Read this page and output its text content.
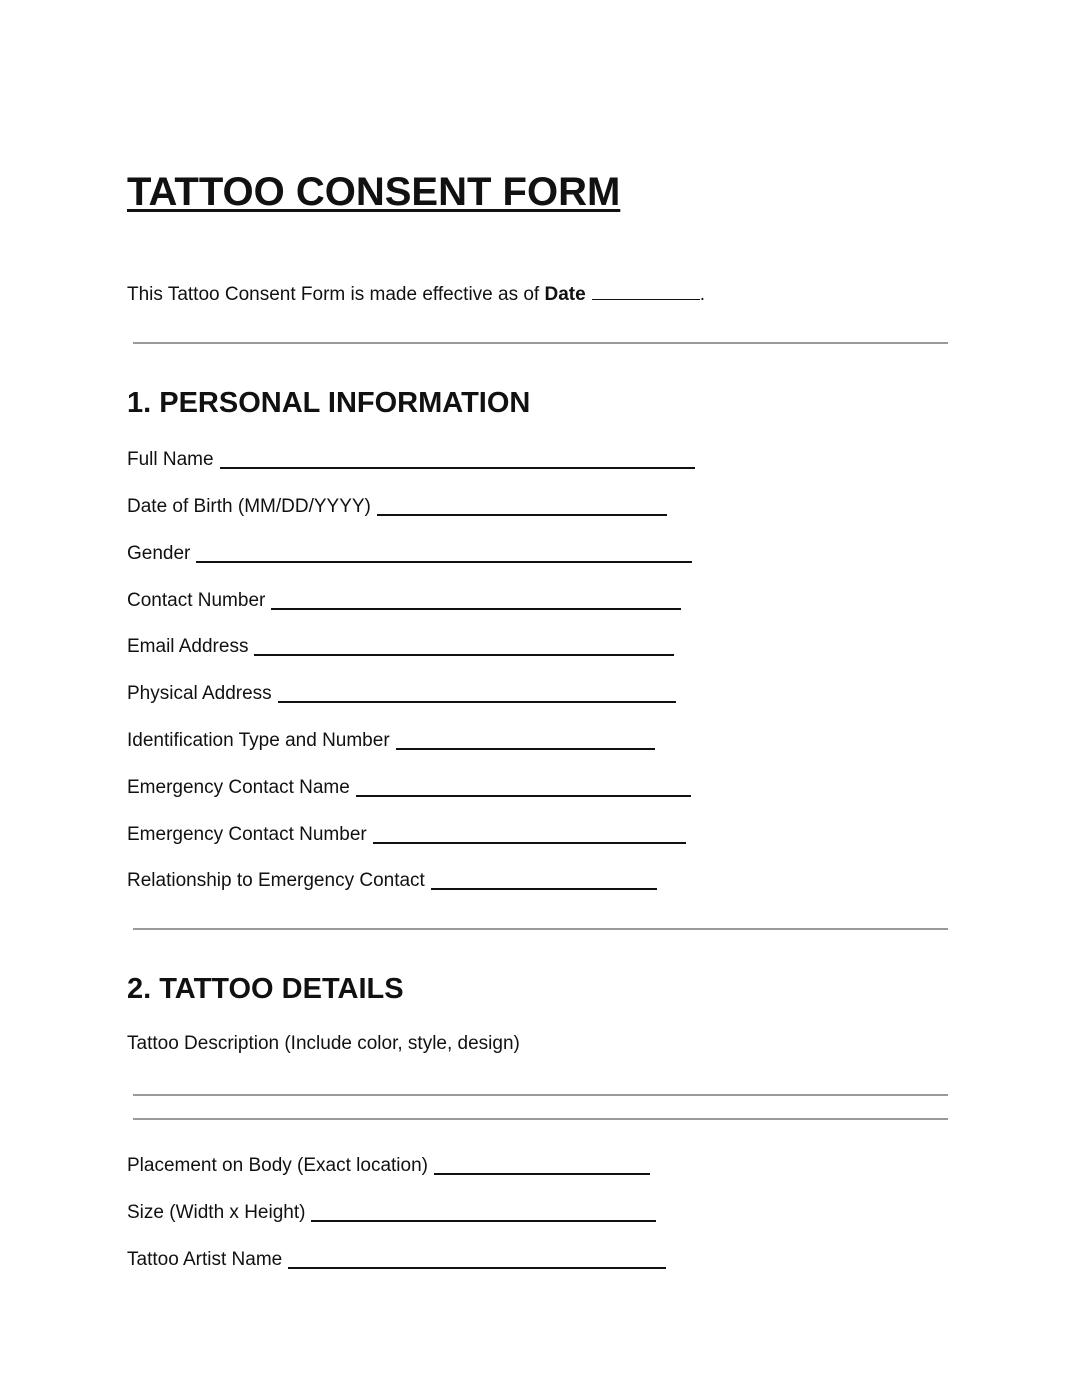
TATTOO CONSENT FORM
This Tattoo Consent Form is made effective as of Date	.
1. PERSONAL INFORMATION
Full Name
Date of Birth (MM/DD/YYYY)
Gender
Contact Number
Email Address
Physical Address
Identification Type and Number
Emergency Contact Name
Emergency Contact Number
Relationship to Emergency Contact
2. TATTOO DETAILS
Tattoo Description (Include color, style, design)
Placement on Body (Exact location)
Size (Width x Height)
Tattoo Artist Name
